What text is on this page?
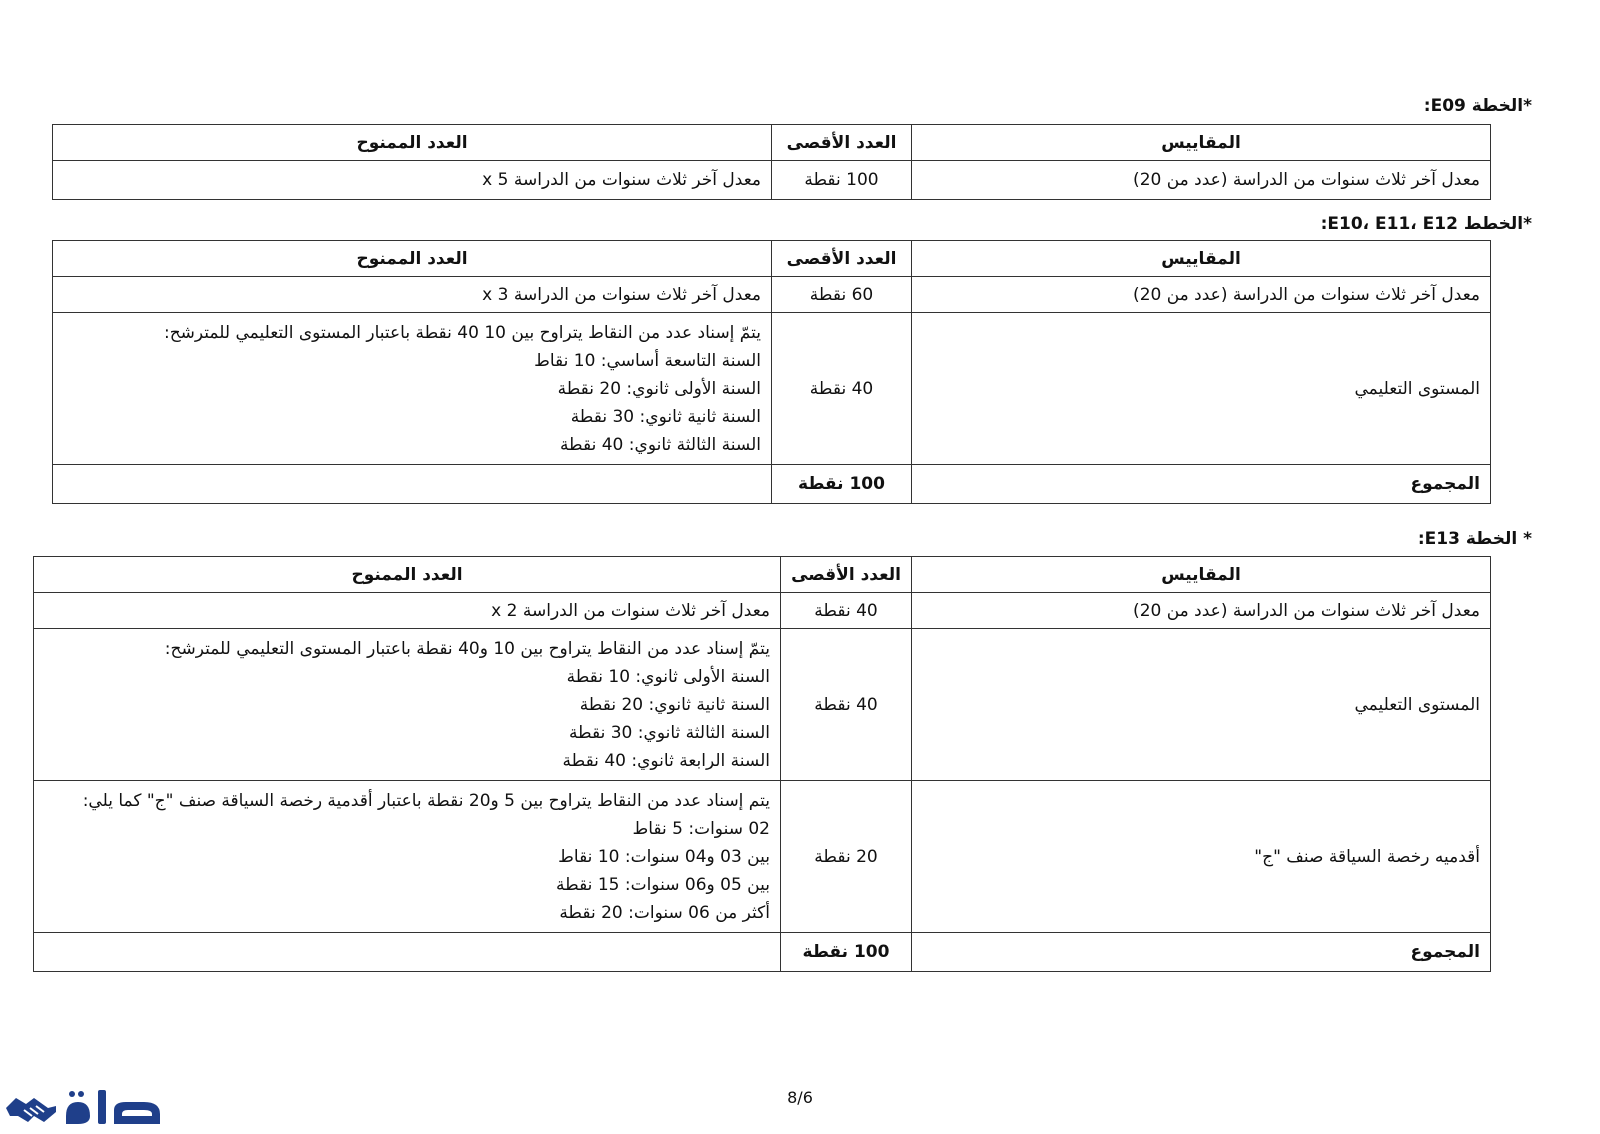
*الخطة E09:
المقاييس	العدد الأقصى	العدد الممنوح
معدل آخر ثلاث سنوات من الدراسة (عدد من 20)	100 نقطة	معدل آخر ثلاث سنوات من الدراسة x 5
*الخطط E10، E11، E12:
المقاييس	العدد الأقصى	العدد الممنوح
معدل آخر ثلاث سنوات من الدراسة (عدد من 20)	60 نقطة	معدل آخر ثلاث سنوات من الدراسة x 3
المستوى التعليمي	40 نقطة	يتمّ إسناد عدد من النقاط يتراوح بين 10 40 نقطة باعتبار المستوى التعليمي للمترشح:
السنة التاسعة أساسي: 10 نقاط
السنة الأولى ثانوي: 20 نقطة
السنة ثانية ثانوي: 30 نقطة
السنة الثالثة ثانوي: 40 نقطة

المجموع	100 نقطة	
* الخطة E13:
المقاييس	العدد الأقصى	العدد الممنوح
معدل آخر ثلاث سنوات من الدراسة (عدد من 20)	40 نقطة	معدل آخر ثلاث سنوات من الدراسة x 2
المستوى التعليمي	40 نقطة	يتمّ إسناد عدد من النقاط يتراوح بين 10 و40 نقطة باعتبار المستوى التعليمي للمترشح:
السنة الأولى ثانوي: 10 نقطة
السنة ثانية ثانوي: 20 نقطة
السنة الثالثة ثانوي: 30 نقطة
السنة الرابعة ثانوي: 40 نقطة

أقدميه رخصة السياقة صنف "ج"	20 نقطة	يتم إسناد عدد من النقاط يتراوح بين 5 و20 نقطة باعتبار أقدمية رخصة السياقة صنف "ج" كما يلي:
02 سنوات: 5 نقاط
بين 03 و04 سنوات: 10 نقاط
بين 05 و06 سنوات: 15 نقطة
أكثر من 06 سنوات: 20 نقطة

المجموع	100 نقطة	
8/6
